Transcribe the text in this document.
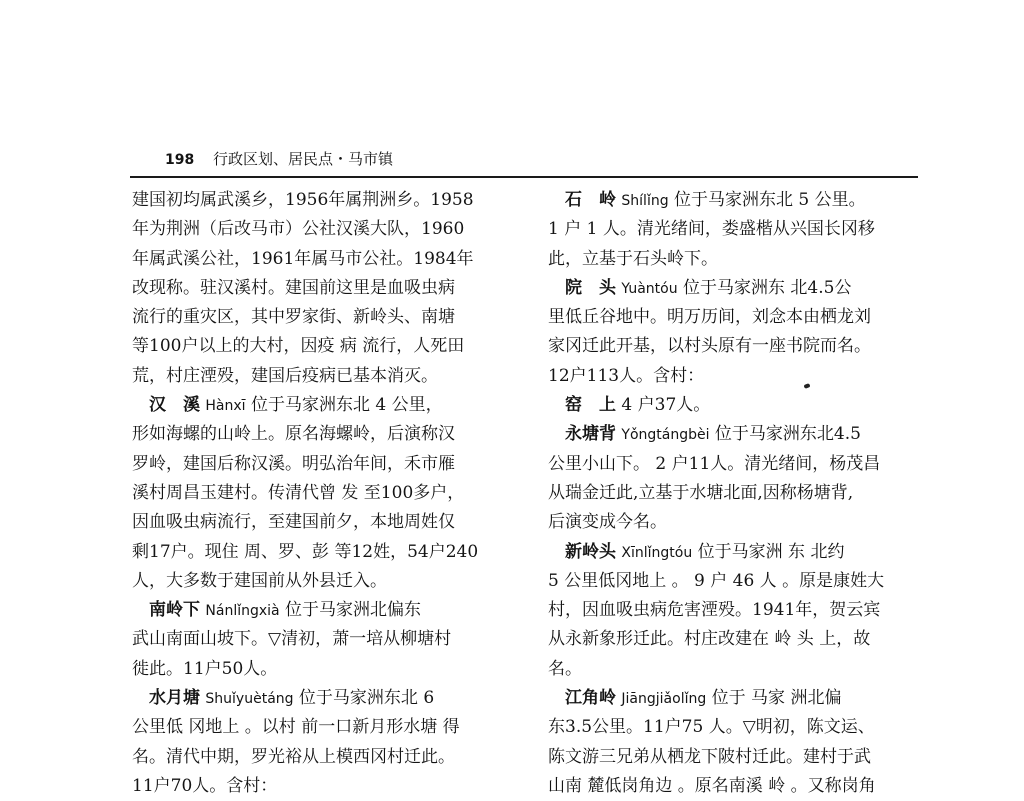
198 行政区划、居民点・马市镇
建国初均属武溪乡，1956年属荆洲乡。1958
年为荆洲（后改马市）公社汉溪大队，1960
年属武溪公社，1961年属马市公社。1984年
改现称。驻汉溪村。建国前这里是血吸虫病
流行的重灾区，其中罗家街、新岭头、南塘
等100户以上的大村，因疫 病 流行，人死田
荒，村庄湮殁，建国后疫病已基本消灭。
　汉　溪 Hànxī 位于马家洲东北 4 公里，
形如海螺的山岭上。原名海螺岭，后演称汉
罗岭，建国后称汉溪。明弘治年间，禾市雁
溪村周昌玉建村。传清代曾 发 至100多户，
因血吸虫病流行，至建国前夕，本地周姓仅
剩17户。现住 周、罗、彭 等12姓，54户240
人，大多数于建国前从外县迁入。
　南岭下 Nánlǐngxià 位于马家洲北偏东
武山南面山坡下。▽清初，萧一培从柳塘村
徙此。11户50人。
　水月塘 Shuǐyuètáng 位于马家洲东北 6
公里低 冈地上 。以村 前一口新月形水塘 得
名。清代中期，罗光裕从上模西冈村迁此。
11户70人。含村：
　石　岭 Shílǐng 位于马家洲东北 5 公里。
1 户 1 人。清光绪间，娄盛楷从兴国长冈移
此，立基于石头岭下。
　院　头 Yuàntóu 位于马家洲东 北4.5公
里低丘谷地中。明万历间，刘念本由栖龙刘
家冈迁此开基，以村头原有一座书院而名。
12户113人。含村：
　窑　上 4 户37人。
　永塘背 Yǒngtángbèi 位于马家洲东北4.5
公里小山下。 2 户11人。清光绪间，杨茂昌
从瑞金迁此,立基于水塘北面,因称杨塘背,
后演变成今名。
　新岭头 Xīnlǐngtóu 位于马家洲 东 北约
5 公里低冈地上 。 9 户 46 人 。原是康姓大
村，因血吸虫病危害湮殁。1941年，贺云宾
从永新象形迁此。村庄改建在 岭 头 上，故
名。
　江角岭 Jiāngjiǎolǐng 位于 马家 洲北偏
东3.5公里。11户75 人。▽明初，陈文运、
陈文游三兄弟从栖龙下陂村迁此。建村于武
山南 麓低岗角边 。原名南溪 岭 。又称岗角
